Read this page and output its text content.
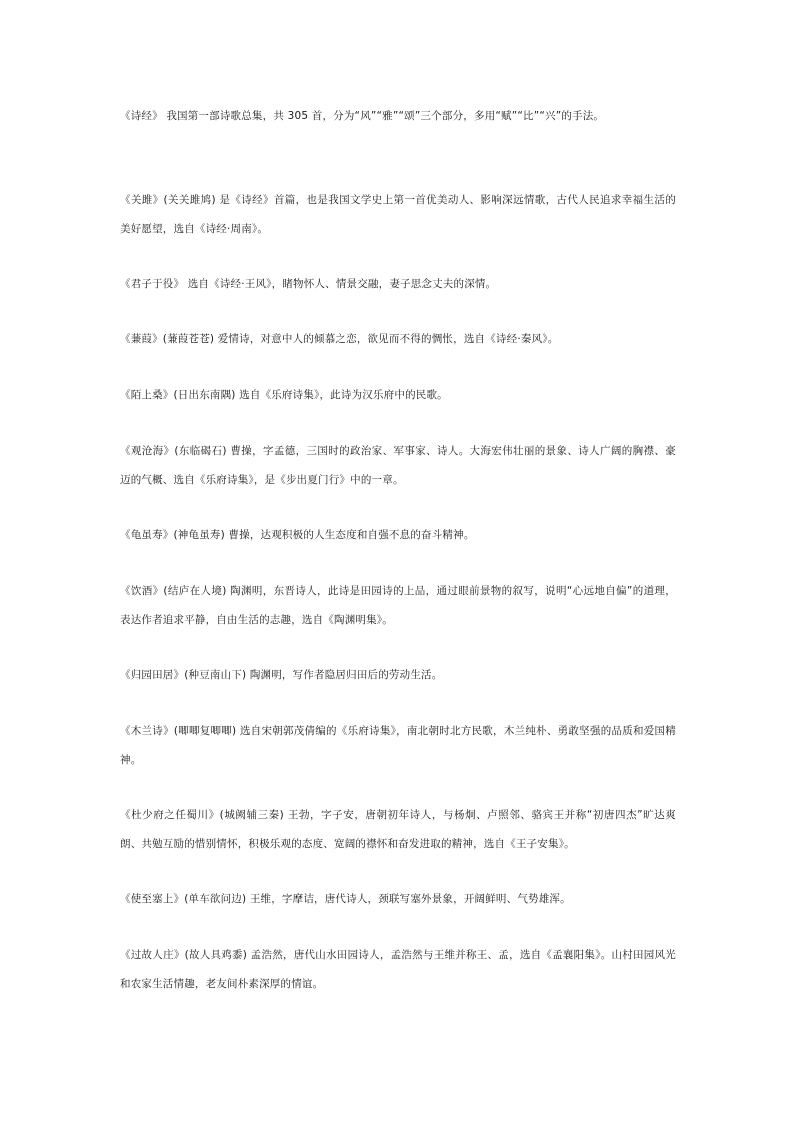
《诗经》 我国第一部诗歌总集，共 305 首，分为“风”“雅”“颂”三个部分，多用“赋”“比”“兴”的手法。
《关雎》(关关雎鸠) 是《诗经》首篇，也是我国文学史上第一首优美动人、影响深远情歌，古代人民追求幸福生活的美好愿望，选自《诗经·周南》。
《君子于役》 选自《诗经·王风》，睹物怀人、情景交融，妻子思念丈夫的深情。
《蒹葭》(蒹葭苍苍) 爱情诗，对意中人的倾慕之恋，欲见而不得的惆怅，选自《诗经·秦风》。
《陌上桑》(日出东南隅) 选自《乐府诗集》，此诗为汉乐府中的民歌。
《观沧海》(东临碣石) 曹操，字孟德，三国时的政治家、军事家、诗人。大海宏伟壮丽的景象、诗人广阔的胸襟、豪迈的气概、选自《乐府诗集》，是《步出夏门行》中的一章。
《龟虽寿》(神龟虽寿) 曹操，达观积极的人生态度和自强不息的奋斗精神。
《饮酒》(结庐在人境) 陶渊明，东晋诗人，此诗是田园诗的上品，通过眼前景物的叙写，说明“心远地自偏”的道理，表达作者追求平静，自由生活的志趣，选自《陶渊明集》。
《归园田居》(种豆南山下) 陶渊明，写作者隐居归田后的劳动生活。
《木兰诗》(唧唧复唧唧) 选自宋朝郭茂倩编的《乐府诗集》，南北朝时北方民歌，木兰纯朴、勇敢坚强的品质和爱国精神。
《杜少府之任蜀川》(城阙辅三秦) 王勃，字子安，唐朝初年诗人，与杨炯、卢照邻、骆宾王并称“初唐四杰”旷达爽朗、共勉互励的惜别情怀，积极乐观的态度、宽阔的襟怀和奋发进取的精神，选自《王子安集》。
《使至塞上》(单车欲问边) 王维，字摩诘，唐代诗人，颈联写塞外景象，开阔鲜明、气势雄浑。
《过故人庄》(故人具鸡黍) 孟浩然，唐代山水田园诗人，孟浩然与王维并称王、孟，选自《孟襄阳集》。山村田园风光和农家生活情趣，老友间朴素深厚的情谊。
